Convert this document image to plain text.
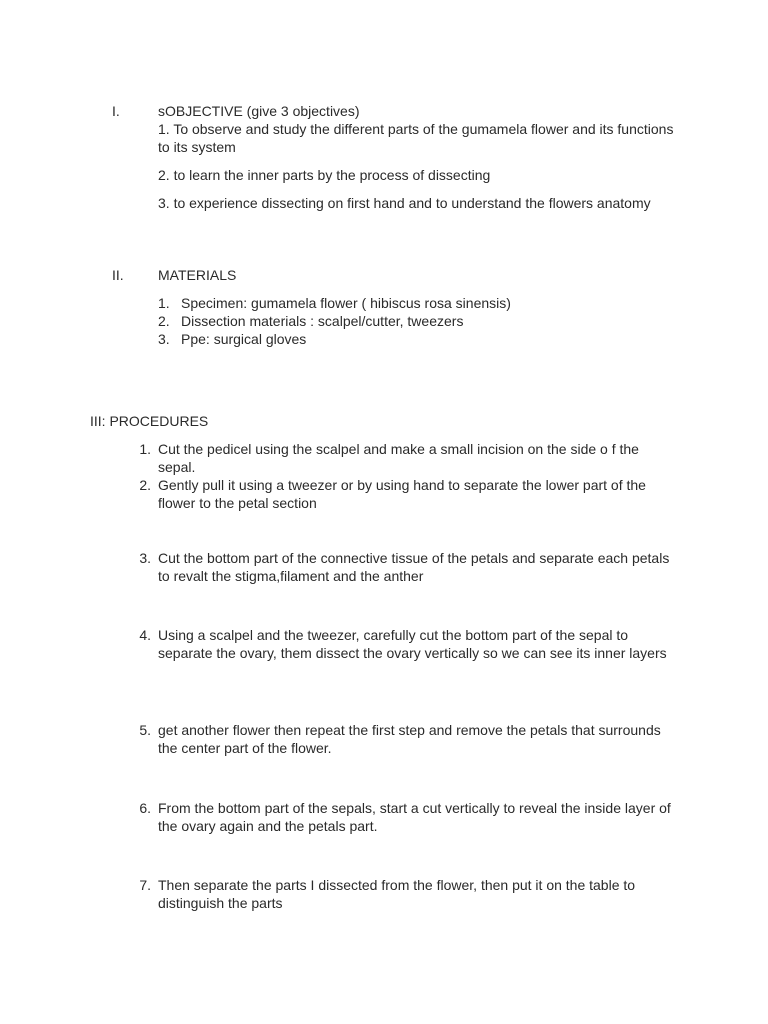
I.	sOBJECTIVE (give 3 objectives)
1. To observe and study the different parts of the gumamela flower and its functions to its system
2. to learn the inner parts by the process of dissecting
3. to experience dissecting on first hand and to understand the flowers anatomy
II. MATERIALS
1. Specimen: gumamela flower ( hibiscus rosa sinensis)
2. Dissection materials : scalpel/cutter, tweezers
3. Ppe: surgical gloves
III: PROCEDURES
1. Cut the pedicel using the scalpel and make a small incision on the side o f the sepal.
2. Gently pull it using a tweezer or by using hand to separate the lower part of the flower to the petal section
3. Cut the bottom part of the connective tissue of the petals and separate each petals to revalt the stigma,filament and the anther
4. Using a scalpel and the tweezer, carefully cut the bottom part of the sepal to separate the ovary, them dissect the ovary vertically so we can see its inner layers
5. get another flower then repeat the first step and remove the petals that surrounds the center part of the flower.
6. From the bottom part of the sepals, start a cut vertically to reveal the inside layer of the ovary again and the petals part.
7. Then separate the parts I dissected from the flower, then put it on the table to distinguish the parts
